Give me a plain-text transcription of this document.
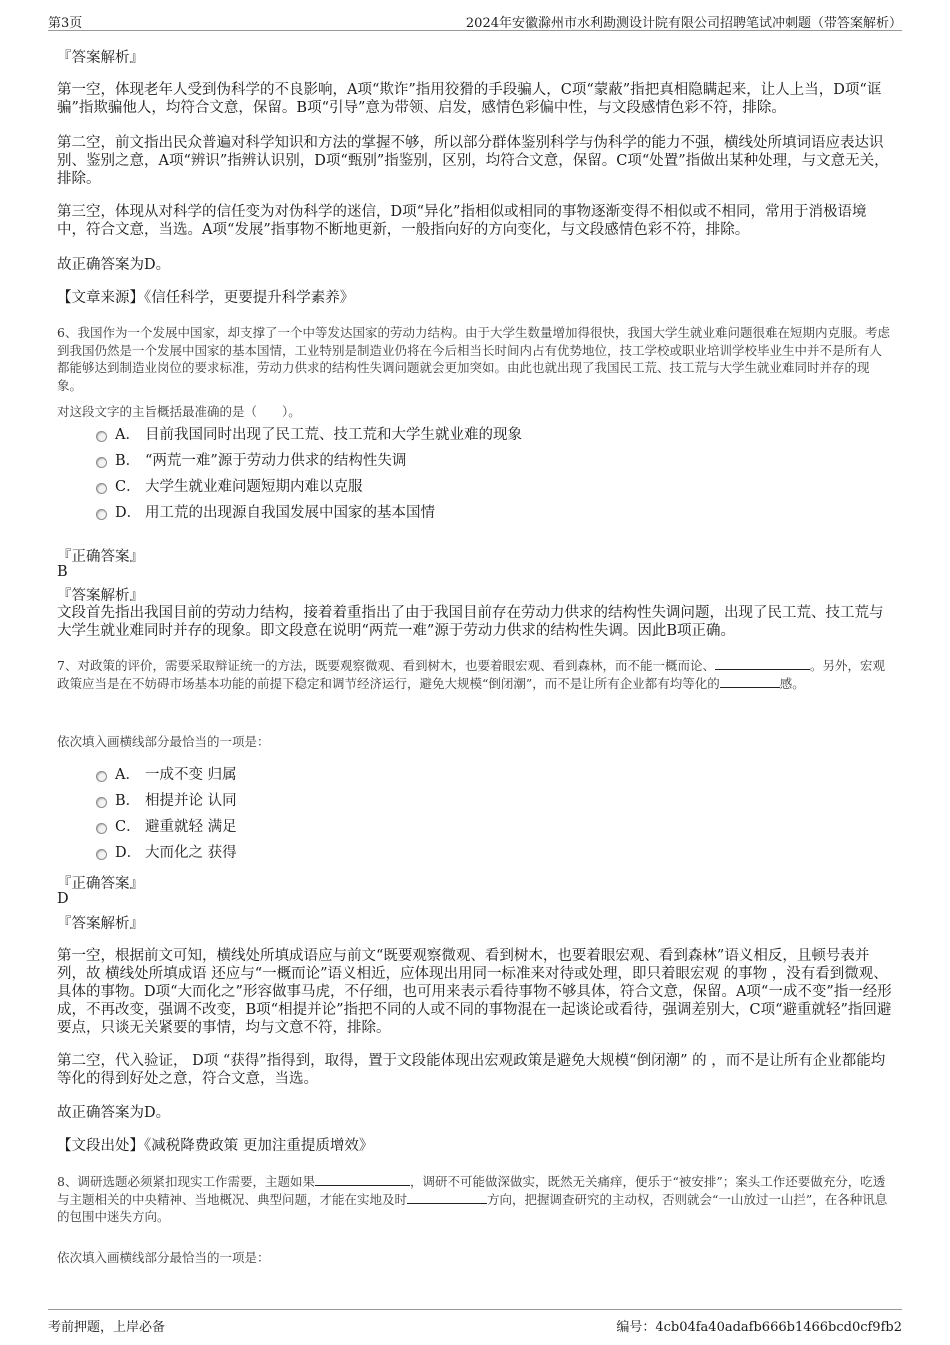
第3页	2024年安徽滁州市水利勘测设计院有限公司招聘笔试冲刺题（带答案解析）
『答案解析』
第一空，体现老年人受到伪科学的不良影响，A项“欺诈”指用狡猾的手段骗人，C项“蒙蔽”指把真相隐瞒起来，让人上当，D项“诓骗”指欺骗他人，均符合文意，保留。B项“引导”意为带领、启发，感情色彩偏中性，与文段感情色彩不符，排除。
第二空，前文指出民众普遍对科学知识和方法的掌握不够，所以部分群体鉴别科学与伪科学的能力不强，横线处所填词语应表达识别、鉴别之意，A项“辨识”指辨认识别，D项“甄别”指鉴别，区别，均符合文意，保留。C项“处置”指做出某种处理，与文意无关，排除。
第三空，体现从对科学的信任变为对伪科学的迷信，D项“异化”指相似或相同的事物逐渐变得不相似或不相同，常用于消极语境中，符合文意，当选。A项“发展”指事物不断地更新，一般指向好的方向变化，与文段感情色彩不符，排除。
故正确答案为D。
【文章来源】《信任科学，更要提升科学素养》
6、我国作为一个发展中国家，却支撑了一个中等发达国家的劳动力结构。由于大学生数量增加得很快，我国大学生就业难问题很难在短期内克服。考虑到我国仍然是一个发展中国家的基本国情，工业特别是制造业仍将在今后相当长时间内占有优势地位，技工学校或职业培训学校毕业生中并不是所有人都能够达到制造业岗位的要求标准，劳动力供求的结构性失调问题就会更加突如。由此也就出现了我国民工荒、技工荒与大学生就业难同时并存的现象。
对这段文字的主旨概括最准确的是（　　）。
A． 目前我国同时出现了民工荒、技工荒和大学生就业难的现象
B． “两荒一难”源于劳动力供求的结构性失调
C． 大学生就业难问题短期内难以克服
D． 用工荒的出现源自我国发展中国家的基本国情
『正确答案』
B
『答案解析』
文段首先指出我国目前的劳动力结构，接着着重指出了由于我国目前存在劳动力供求的结构性失调问题，出现了民工荒、技工荒与大学生就业难同时并存的现象。即文段意在说明“两荒一难”源于劳动力供求的结构性失调。因此B项正确。
7、对政策的评价，需要采取辩证统一的方法，既要观察微观、看到树木，也要着眼宏观、看到森林，而不能一概而论、	。另外，宏观政策应当是在不妨碍市场基本功能的前提下稳定和调节经济运行，避免大规模“倒闭潮”，而不是让所有企业都有均等化的	感。
依次填入画横线部分最恰当的一项是：
A． 一成不变 归属
B． 相提并论 认同
C． 避重就轻 满足
D． 大而化之 获得
『正确答案』
D
『答案解析』
第一空，根据前文可知，横线处所填成语应与前文“既要观察微观、看到树木，也要着眼宏观、看到森林”语义相反，且顿号表并列，故 横线处所填成语 还应与“一概而论”语义相近，应体现出用同一标准来对待或处理，即只着眼宏观 的事物 ，没有看到微观、具体的事物。D项“大而化之”形容做事马虎，不仔细，也可用来表示看待事物不够具体，符合文意，保留。A项“一成不变”指一经形成，不再改变，强调不改变，B项“相提并论”指把不同的人或不同的事物混在一起谈论或看待，强调差别大，C项“避重就轻”指回避要点，只谈无关紧要的事情，均与文意不符，排除。
第二空，代入验证， D项 “获得”指得到，取得，置于文段能体现出宏观政策是避免大规模“倒闭潮” 的 ，而不是让所有企业都能均等化的得到好处之意，符合文意，当选。
故正确答案为D。
【文段出处】《减税降费政策 更加注重提质增效》
8、调研选题必须紧扣现实工作需要，主题如果	，调研不可能做深做实，既然无关痛痒，便乐于“被安排”；案头工作还要做充分，吃透与主题相关的中央精神、当地概况、典型问题，才能在实地及时	方向，把握调查研究的主动权，否则就会“一山放过一山拦”，在各种讯息的包围中迷失方向。
依次填入画横线部分最恰当的一项是：
考前押题，上岸必备	编号：4cb04fa40adafb666b1466bcd0cf9fb2
